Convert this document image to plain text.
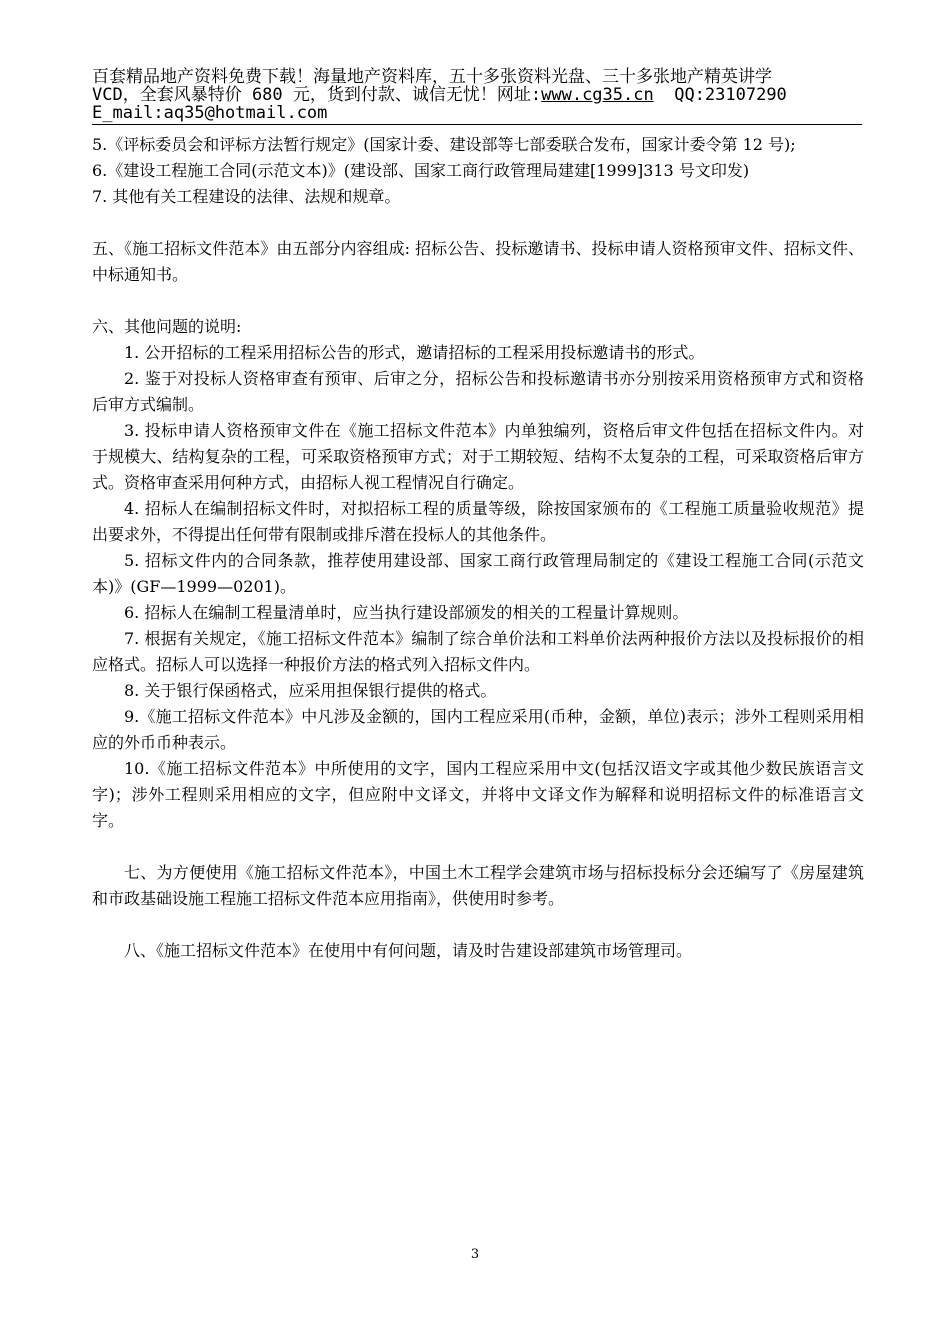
百套精品地产资料免费下载！海量地产资料库，五十多张资料光盘、三十多张地产精英讲学
VCD，全套风暴特价 680 元，货到付款、诚信无忧！网址:www.cg35.cn QQ:23107290
E_mail:aq35@hotmail.com

5.《评标委员会和评标方法暂行规定》(国家计委、建设部等七部委联合发布，国家计委令第 12 号);

6.《建设工程施工合同(示范文本)》(建设部、国家工商行政管理局建建[1999]313 号文印发)

7. 其他有关工程建设的法律、法规和规章。

五、《施工招标文件范本》由五部分内容组成: 招标公告、投标邀请书、投标申请人资格预审文件、招标文件、中标通知书。

六、其他问题的说明:

1. 公开招标的工程采用招标公告的形式，邀请招标的工程采用投标邀请书的形式。

2. 鉴于对投标人资格审查有预审、后审之分，招标公告和投标邀请书亦分别按采用资格预审方式和资格后审方式编制。

3. 投标申请人资格预审文件在《施工招标文件范本》内单独编列，资格后审文件包括在招标文件内。对于规模大、结构复杂的工程，可采取资格预审方式；对于工期较短、结构不太复杂的工程，可采取资格后审方式。资格审查采用何种方式，由招标人视工程情况自行确定。

4. 招标人在编制招标文件时，对拟招标工程的质量等级，除按国家颁布的《工程施工质量验收规范》提出要求外，不得提出任何带有限制或排斥潜在投标人的其他条件。

5. 招标文件内的合同条款，推荐使用建设部、国家工商行政管理局制定的《建设工程施工合同(示范文本)》(GF—1999—0201)。

6. 招标人在编制工程量清单时，应当执行建设部颁发的相关的工程量计算规则。

7. 根据有关规定，《施工招标文件范本》编制了综合单价法和工料单价法两种报价方法以及投标报价的相应格式。招标人可以选择一种报价方法的格式列入招标文件内。

8. 关于银行保函格式，应采用担保银行提供的格式。

9.《施工招标文件范本》中凡涉及金额的，国内工程应采用(币种，金额，单位)表示；涉外工程则采用相应的外币币种表示。

10.《施工招标文件范本》中所使用的文字，国内工程应采用中文(包括汉语文字或其他少数民族语言文字)；涉外工程则采用相应的文字，但应附中文译文，并将中文译文作为解释和说明招标文件的标准语言文字。

七、为方便使用《施工招标文件范本》，中国土木工程学会建筑市场与招标投标分会还编写了《房屋建筑和市政基础设施工程施工招标文件范本应用指南》，供使用时参考。

八、《施工招标文件范本》在使用中有何问题，请及时告建设部建筑市场管理司。

3
